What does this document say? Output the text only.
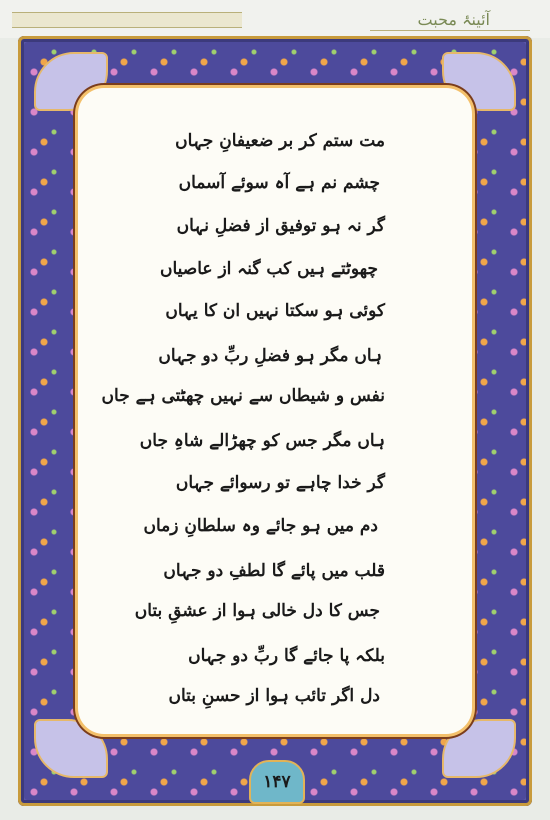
آئینۂ محبت
مت ستم کر بر ضعیفانِ جہاں
چشم نم ہے آہ سوئے آسماں
گر نہ ہو توفیق از فضلِ نہاں
چھوٹتے ہیں کب گنہ از عاصیاں
کوئی ہو سکتا نہیں ان کا یہاں
ہاں مگر ہو فضلِ ربِّ دو جہاں
نفس و شیطاں سے نہیں چھٹتی ہے جاں
ہاں مگر جس کو چھڑالے شاہِ جاں
گر خدا چاہے تو رسوائے جہاں
دم میں ہو جائے وہ سلطانِ زماں
قلب میں پائے گا لطفِ دو جہاں
جس کا دل خالی ہوا از عشقِ بتاں
بلکہ پا جائے گا ربِّ دو جہاں
دل اگر تائب ہوا از حسنِ بتاں
۱۴۷
